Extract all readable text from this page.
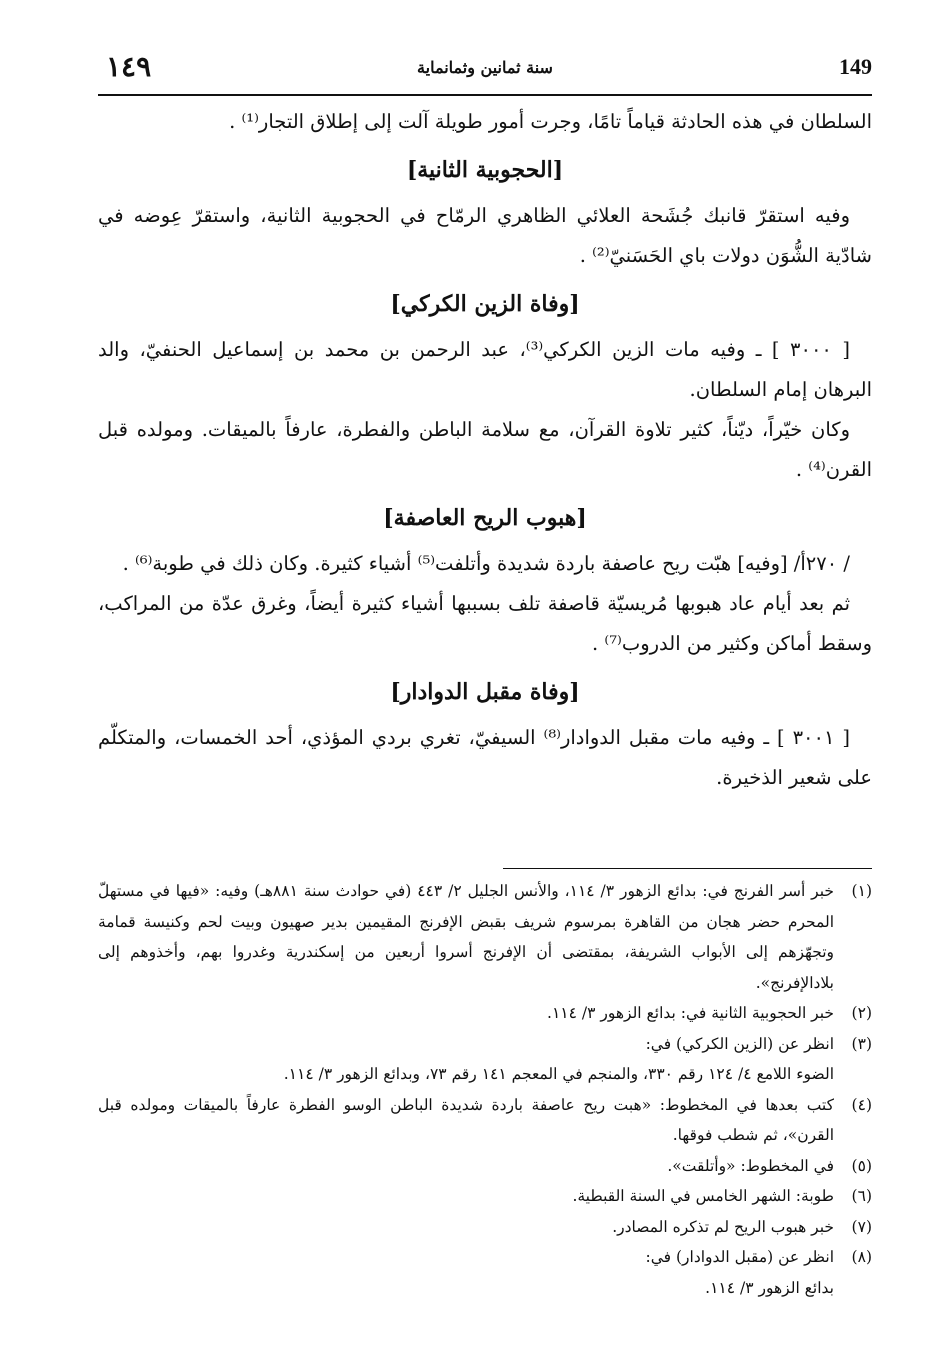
١٤٩	سنة ثمانين وثمانماية	149

السلطان في هذه الحادثة قياماً تامًا، وجرت أمور طويلة آلت إلى إطلاق التجار⁽¹⁾ .

[الحجوبية الثانية]

وفيه استقرّ قانبك جُشَحة العلائي الظاهري الرمّاح في الحجوبية الثانية، واستقرّ عِوضه في شادّية الشُّوَن دولات باي الحَسَنيّ⁽²⁾ .

[وفاة الزين الكركي]

[ ٣٠٠٠ ] ـ وفيه مات الزين الكركي⁽³⁾، عبد الرحمن بن محمد بن إسماعيل الحنفيّ، والد البرهان إمام السلطان.

وكان خيّراً، ديّناً، كثير تلاوة القرآن، مع سلامة الباطن والفطرة، عارفاً بالميقات. ومولده قبل القرن⁽⁴⁾ .

[هبوب الريح العاصفة]

/ ٢٧٠أ/ [وفيه] هبّت ريح عاصفة باردة شديدة وأتلفت⁽⁵⁾ أشياء كثيرة. وكان ذلك في طوبة⁽⁶⁾ .

ثم بعد أيام عاد هبوبها مُريسيّة قاصفة تلف بسببها أشياء كثيرة أيضاً، وغرق عدّة من المراكب، وسقط أماكن وكثير من الدروب⁽⁷⁾ .

[وفاة مقبل الدوادار]

[ ٣٠٠١ ] ـ وفيه مات مقبل الدوادار⁽⁸⁾ السيفيّ، تغري بردي المؤذي، أحد الخمسات، والمتكلّم على شعير الذخيرة.

(١)
خبر أسر الفرنج في: بدائع الزهور ٣/ ١١٤، والأنس الجليل ٢/ ٤٤٣ (في حوادث سنة ٨٨١هـ) وفيه: «فيها في مستهلّ المحرم حضر هجان من القاهرة بمرسوم شريف بقبض الإفرنج المقيمين بدير صهيون وبيت لحم وكنيسة قمامة وتجهّزهم إلى الأبواب الشريفة، بمقتضى أن الإفرنج أسروا أربعين من إسكندرية وغدروا بهم، وأخذوهم إلى بلادالإفرنج».
(٢)
خبر الحجوبية الثانية في: بدائع الزهور ٣/ ١١٤.
(٣)
انظر عن (الزين الكركي) في:
الضوء اللامع ٤/ ١٢٤ رقم ٣٣٠، والمنجم في المعجم ١٤١ رقم ٧٣، وبدائع الزهور ٣/ ١١٤.
(٤)
كتب بعدها في المخطوط: «هبت ريح عاصفة باردة شديدة الباطن الوسو الفطرة عارفاً بالميقات ومولده قبل القرن»، ثم شطب فوقها.
(٥)
في المخطوط: «وأتلقت».
(٦)
طوبة: الشهر الخامس في السنة القبطية.
(٧)
خبر هبوب الريح لم تذكره المصادر.
(٨)
انظر عن (مقبل الدوادار) في:
بدائع الزهور ٣/ ١١٤.
